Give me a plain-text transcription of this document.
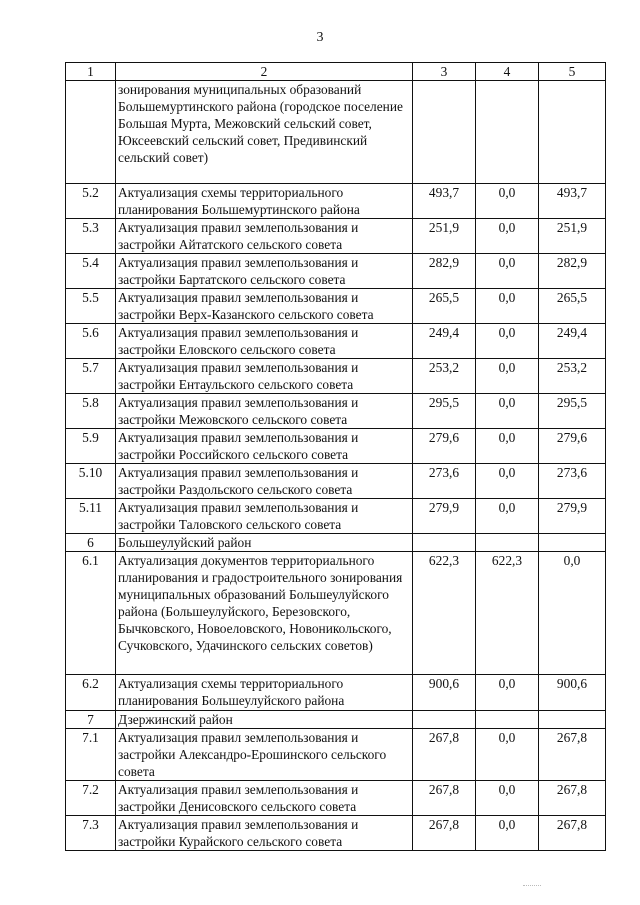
3
1	2	3	4	5
	зонирования муниципальных образований Большемуртинского района (городское поселение Большая Мурта, Межовский сельский совет, Юксеевский сельский совет, Предивинский сельский совет)			
5.2	Актуализация схемы территориального планирования Большемуртинского района	493,7	0,0	493,7
5.3	Актуализация правил землепользования и застройки Айтатского сельского совета	251,9	0,0	251,9
5.4	Актуализация правил землепользования и застройки Бартатского сельского совета	282,9	0,0	282,9
5.5	Актуализация правил землепользования и застройки Верх-Казанского сельского совета	265,5	0,0	265,5
5.6	Актуализация правил землепользования и застройки Еловского сельского совета	249,4	0,0	249,4
5.7	Актуализация правил землепользования и застройки Ентаульского сельского совета	253,2	0,0	253,2
5.8	Актуализация правил землепользования и застройки Межовского сельского совета	295,5	0,0	295,5
5.9	Актуализация правил землепользования и застройки Российского сельского совета	279,6	0,0	279,6
5.10	Актуализация правил землепользования и застройки Раздольского сельского совета	273,6	0,0	273,6
5.11	Актуализация правил землепользования и застройки Таловского сельского совета	279,9	0,0	279,9
6	Большеулуйский район			
6.1	Актуализация документов территориального планирования и градостроительного зонирования муниципальных образований Большеулуйского района (Большеулуйского, Березовского, Бычковского, Новоеловского, Новоникольского, Сучковского, Удачинского сельских советов)	622,3	622,3	0,0
6.2	Актуализация схемы территориального планирования Большеулуйского района	900,6	0,0	900,6
7	Дзержинский район			
7.1	Актуализация правил землепользования и застройки Александро-Ерошинского сельского совета	267,8	0,0	267,8
7.2	Актуализация правил землепользования и застройки Денисовского сельского совета	267,8	0,0	267,8
7.3	Актуализация правил землепользования и застройки Курайского сельского совета	267,8	0,0	267,8
